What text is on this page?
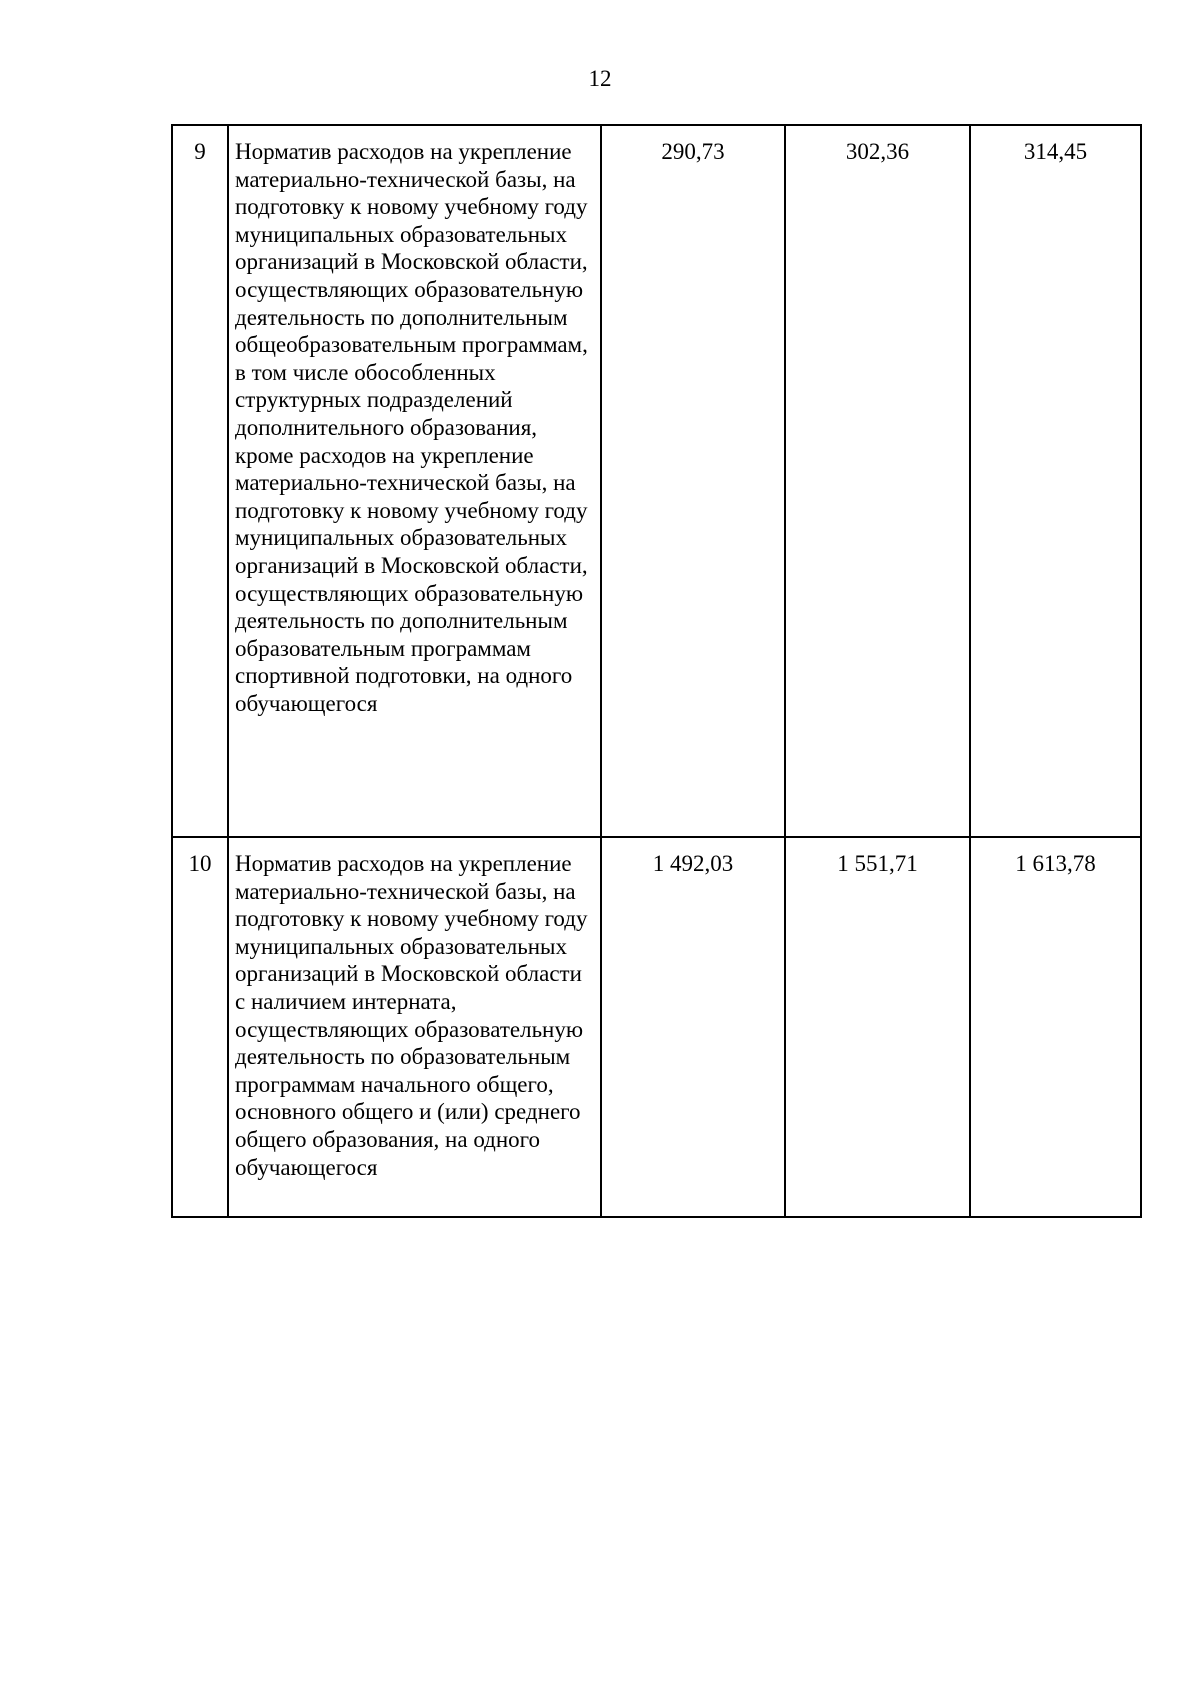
12
9	Норматив расходов на укрепление материально-технической базы, на подготовку к новому учебному году муниципальных образовательных организаций в Московской области, осуществляющих образовательную деятельность по дополнительным общеобразовательным программам, в том числе обособленных структурных подразделений дополнительного образования, кроме расходов на укрепление материально-технической базы, на подготовку к новому учебному году муниципальных образовательных организаций в Московской области, осуществляющих образовательную деятельность по дополнительным образовательным программам спортивной подготовки, на одного обучающегося	290,73	302,36	314,45
10	Норматив расходов на укрепление материально-технической базы, на подготовку к новому учебному году муниципальных образовательных организаций в Московской области с наличием интерната, осуществляющих образовательную деятельность по образовательным программам начального общего, основного общего и (или) среднего общего образования, на одного обучающегося	1 492,03	1 551,71	1 613,78
